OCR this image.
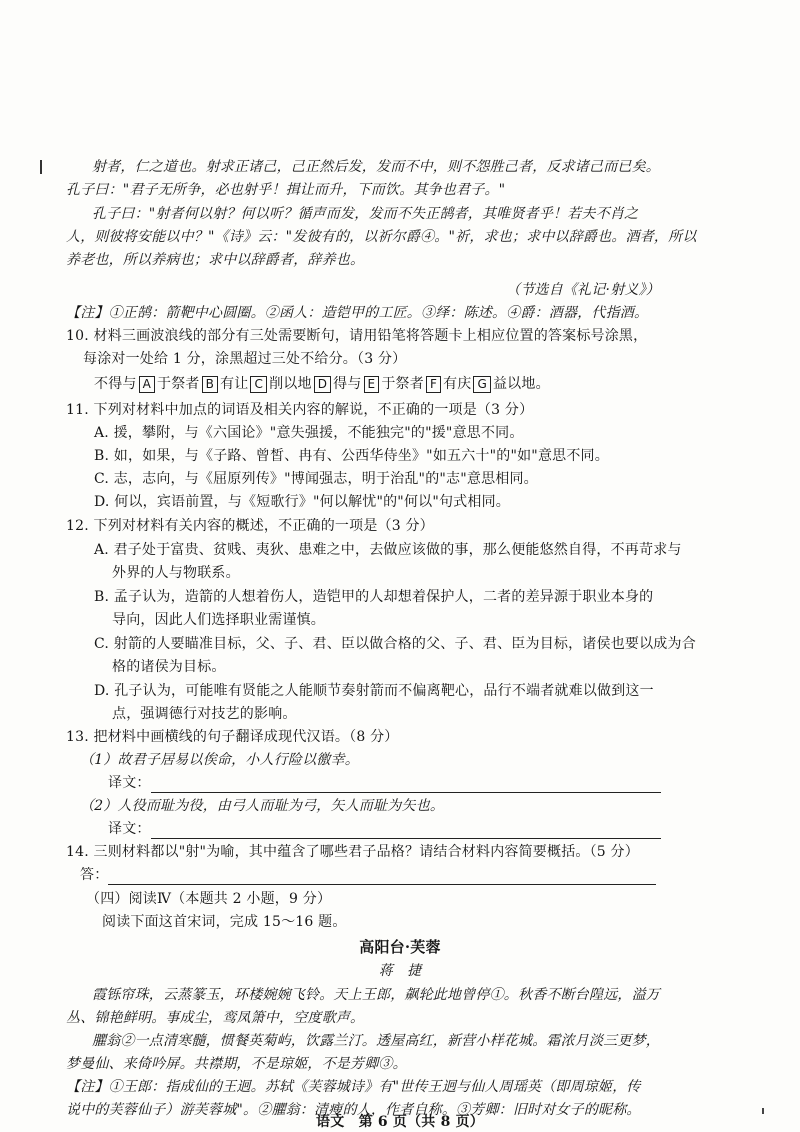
射者，仁之道也。射求正诸己，己正然后发，发而不中，则不怨胜己者，反求诸己而已矣。
孔子曰："君子无所争，必也射乎！揖让而升，下而饮。其争也君子。"
孔子曰："射者何以射？何以听？循声而发，发而不失正鹄者，其唯贤者乎！若夫不肖之
人，则彼将安能以中？"《诗》云："发彼有的，以祈尔爵④。"祈，求也；求中以辞爵也。酒者，所以
养老也，所以养病也；求中以辞爵者，辞养也。
（节选自《礼记·射义》）
【注】①正鹄：箭靶中心圆圈。②函人：造铠甲的工匠。③绎：陈述。④爵：酒器，代指酒。
10. 材料三画波浪线的部分有三处需要断句，请用铅笔将答题卡上相应位置的答案标号涂黑，
每涂对一处给 1 分，涂黑超过三处不给分。（3 分）
不得与 A 于祭者 B 有让 C 削以地 D 得与 E 于祭者 F 有庆 G 益以地。
11. 下列对材料中加点的词语及相关内容的解说，不正确的一项是（3 分）
A. 援，攀附，与《六国论》"意失强援，不能独完"的"援"意思不同。
B. 如，如果，与《子路、曾皙、冉有、公西华侍坐》"如五六十"的"如"意思不同。
C. 志，志向，与《屈原列传》"博闻强志，明于治乱"的"志"意思相同。
D. 何以，宾语前置，与《短歌行》"何以解忧"的"何以"句式相同。
12. 下列对材料有关内容的概述，不正确的一项是（3 分）
A. 君子处于富贵、贫贱、夷狄、患难之中，去做应该做的事，那么便能悠然自得，不再苛求与
外界的人与物联系。
B. 孟子认为，造箭的人想着伤人，造铠甲的人却想着保护人，二者的差异源于职业本身的
导向，因此人们选择职业需谨慎。
C. 射箭的人要瞄准目标，父、子、君、臣以做合格的父、子、君、臣为目标，诸侯也要以成为合
格的诸侯为目标。
D. 孔子认为，可能唯有贤能之人能顺节奏射箭而不偏离靶心，品行不端者就难以做到这一
点，强调德行对技艺的影响。
13. 把材料中画横线的句子翻译成现代汉语。（8 分）
（1）故君子居易以俟命，小人行险以徼幸。
译文：
（2）人役而耻为役，由弓人而耻为弓，矢人而耻为矢也。
译文：
14. 三则材料都以"射"为喻，其中蕴含了哪些君子品格？请结合材料内容简要概括。（5 分）
答：
（四）阅读Ⅳ（本题共 2 小题，9 分）
阅读下面这首宋词，完成 15～16 题。
高阳台·芙蓉
蒋　捷
霞铄帘珠，云蒸篆玉，环楼婉婉飞铃。天上王郎，飙轮此地曾停①。秋香不断台隍远，溢万
丛、锦艳鲜明。事成尘，鸾凤箫中，空度歌声。
臞翁②一点清寒髓，惯餐英菊屿，饮露兰汀。透屋高红，新营小样花城。霜浓月淡三更梦，
梦曼仙、来倚吟屏。共襟期，不是琼姬，不是芳卿③。
【注】①王郎：指成仙的王迥。苏轼《芙蓉城诗》有"世传王迥与仙人周瑶英（即周琼姬，传
说中的芙蓉仙子）游芙蓉城"。②臞翁：清瘦的人，作者自称。③芳卿：旧时对女子的昵称。
语文　第 6 页（共 8 页）
